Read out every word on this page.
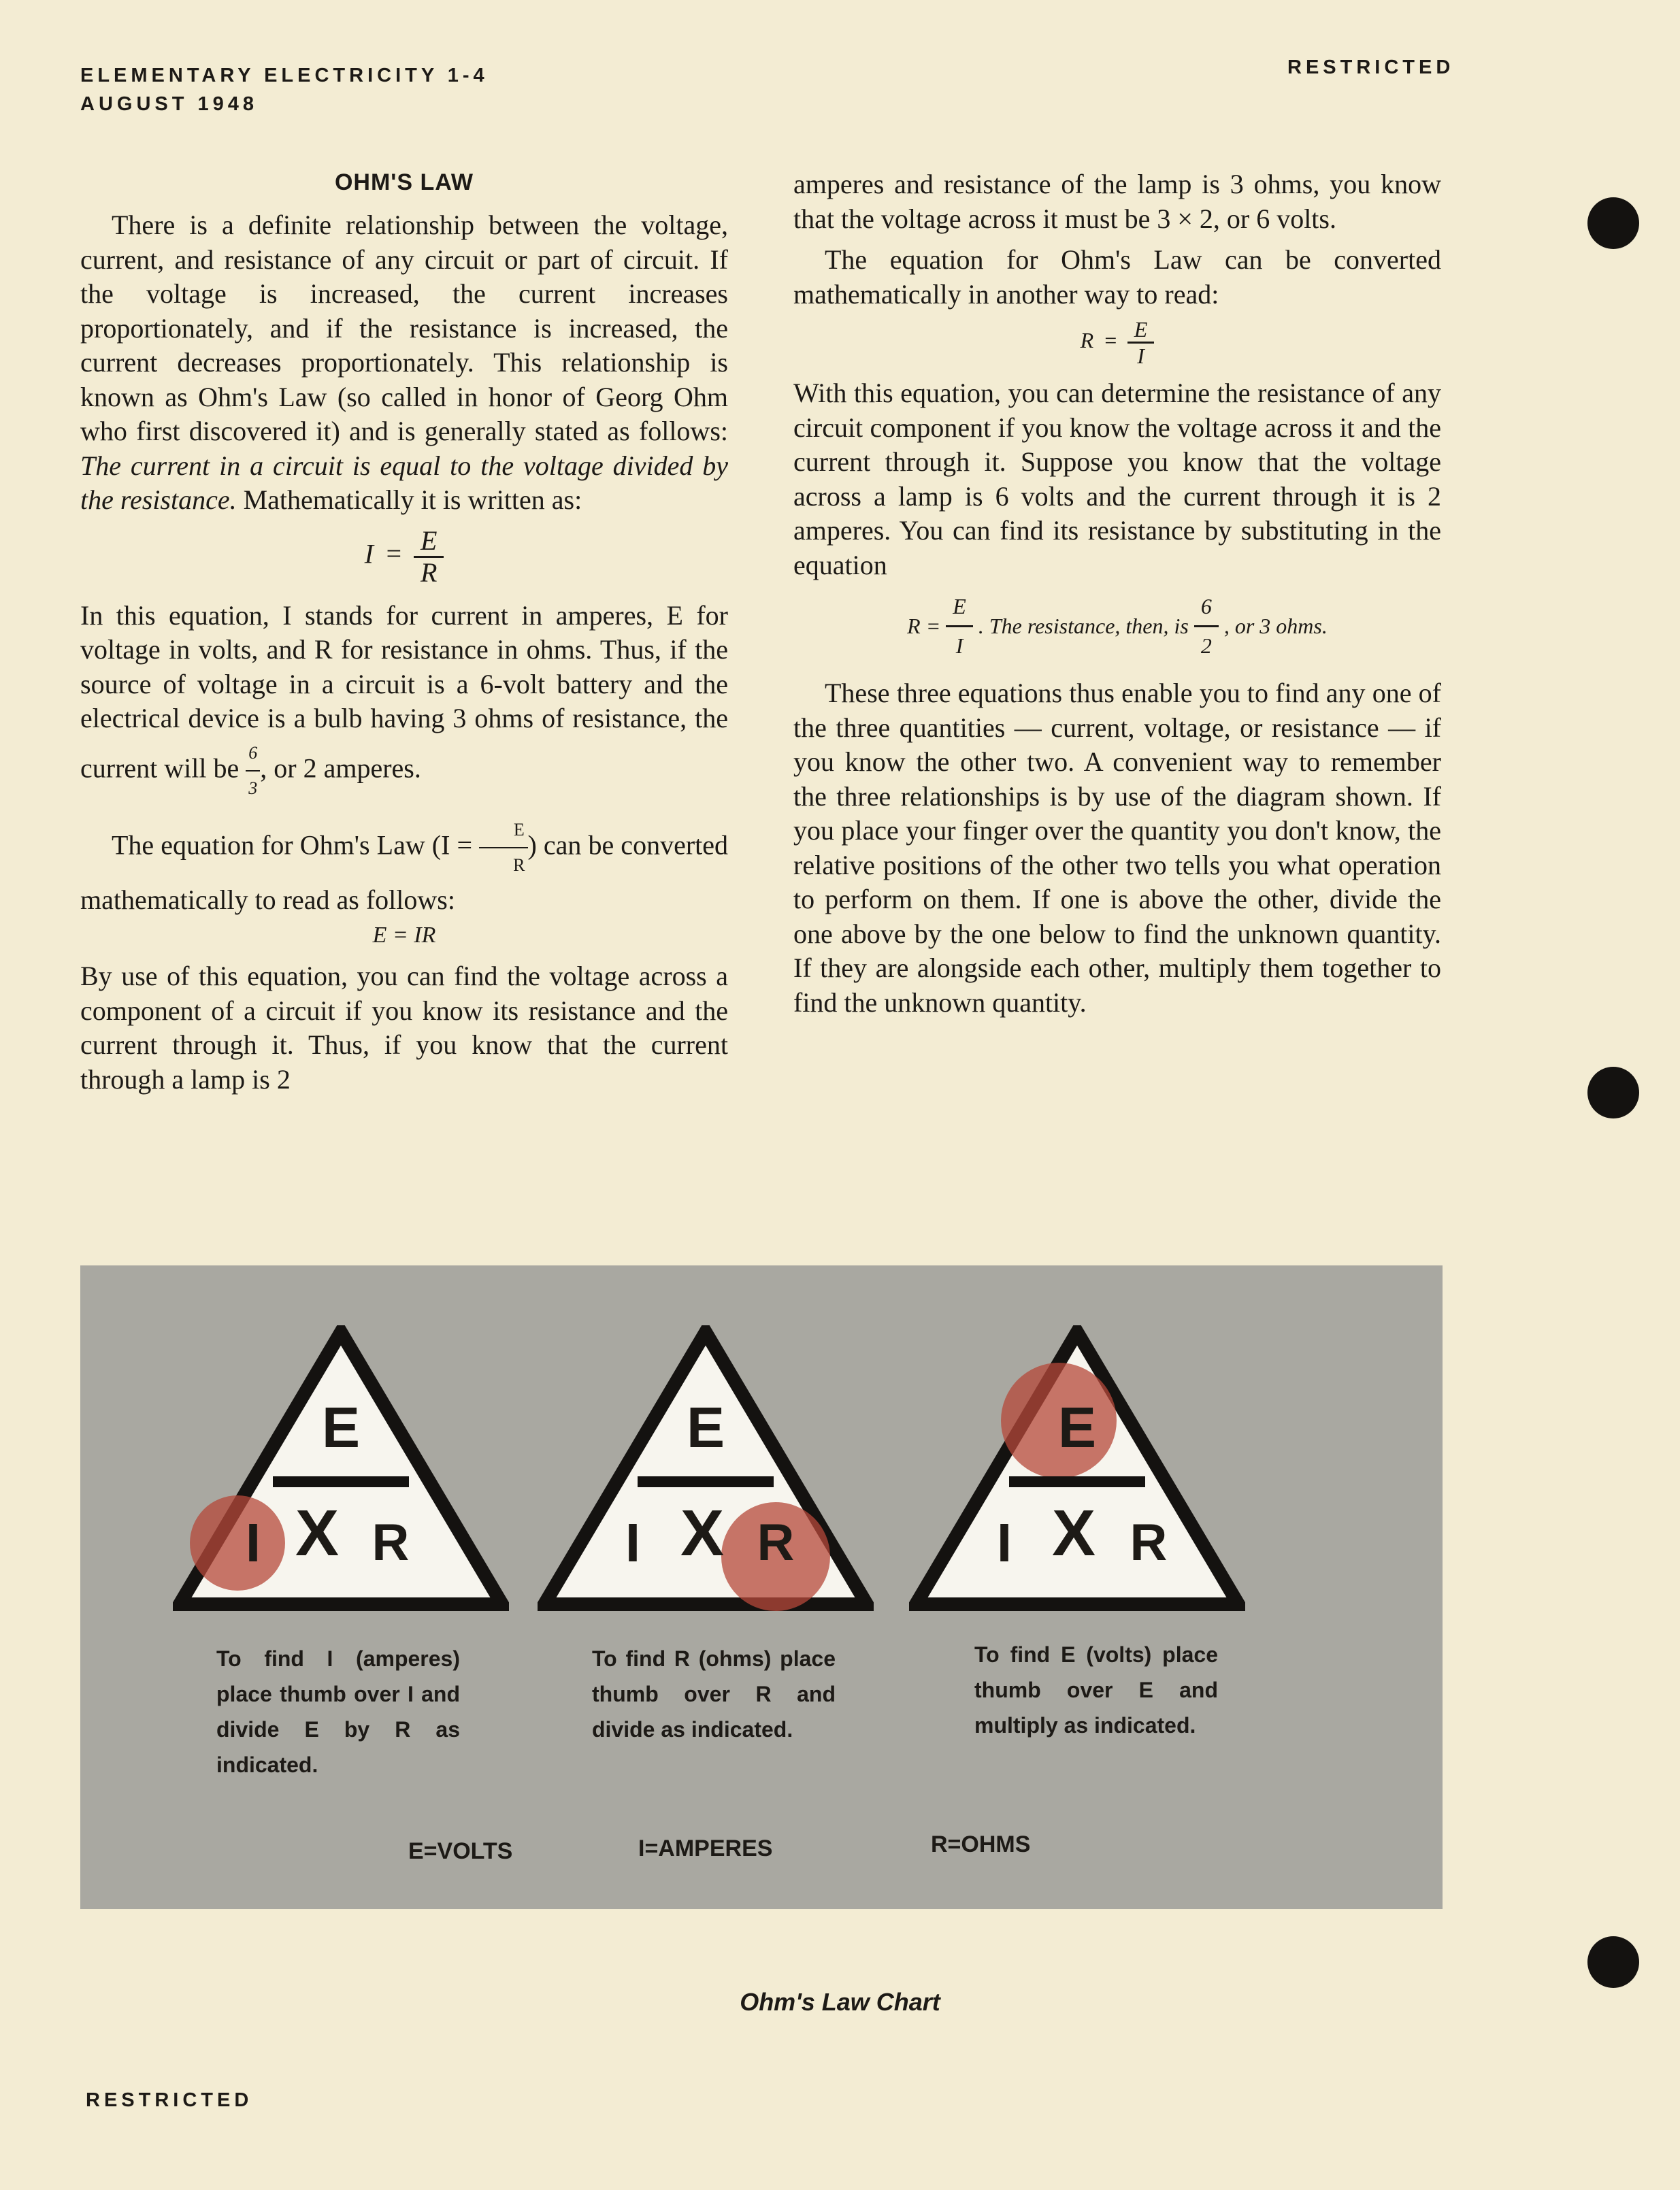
ELEMENTARY ELECTRICITY 1-4
AUGUST 1948
RESTRICTED
OHM'S LAW

There is a definite relationship between the voltage, current, and resistance of any circuit or part of circuit. If the voltage is increased, the current increases proportionately, and if the resistance is increased, the current decreases proportionately. This relationship is known as Ohm's Law (so called in honor of Georg Ohm who first discovered it) and is generally stated as follows: The current in a circuit is equal to the voltage divided by the resistance. Mathematically it is written as:

$I = \frac{E}{R}$

In this equation, I stands for current in amperes, E for voltage in volts, and R for resistance in ohms. Thus, if the source of voltage in a circuit is a 6-volt battery and the electrical device is a bulb having 3 ohms of resistance, the current will be $\frac{6}{3}$ , or 2 amperes.

The equation for Ohm's Law ($I = \frac{E}{R}$ ) can be converted mathematically to read as follows:

E = IR

By use of this equation, you can find the voltage across a component of a circuit if you know its resistance and the current through it. Thus, if you know that the current through a lamp is 2

amperes and resistance of the lamp is 3 ohms, you know that the voltage across it must be 3 × 2, or 6 volts.

The equation for Ohm's Law can be converted mathematically in another way to read:

$R = \frac{E}{I}$

With this equation, you can determine the resistance of any circuit component if you know the voltage across it and the current through it. Suppose you know that the voltage across a lamp is 6 volts and the current through it is 2 amperes. You can find its resistance by substituting in the equation

$R = \frac{E}{I}$ . The resistance, then, is $\frac{6}{2}$ , or 3 ohms.

These three equations thus enable you to find any one of the three quantities — current, voltage, or resistance — if you know the other two. A convenient way to remember the three relationships is by use of the diagram shown. If you place your finger over the quantity you don't know, the relative positions of the other two tells you what operation to perform on them. If one is above the other, divide the one above by the one below to find the unknown quantity. If they are alongside each other, multiply them together to find the unknown quantity.

E
I X R
E
I X R
E
I X R
To find I (amperes) place thumb over I and divide E by R as indicated.
To find R (ohms) place thumb over R and divide as indicated.
To find E (volts) place thumb over E and multiply as indicated.
E=VOLTS	I=AMPERES	R=OHMS
Ohm's Law Chart
RESTRICTED
